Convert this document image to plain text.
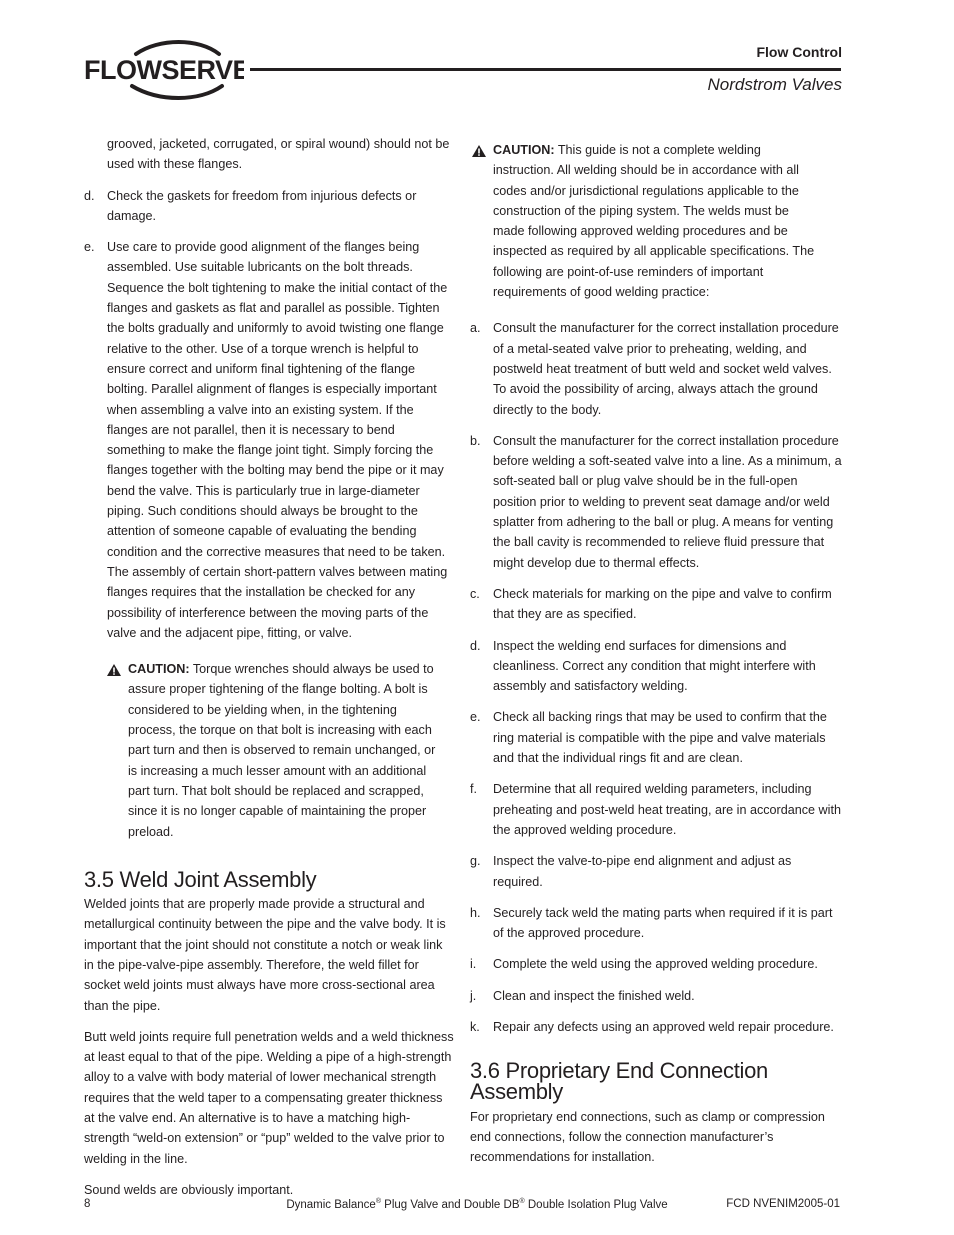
FLOWSERVE
Flow Control
Nordstrom Valves

grooved, jacketed, corrugated, or spiral wound) should not be used with these flanges.

d. Check the gaskets for freedom from injurious defects or damage.
e. Use care to provide good alignment of the flanges being assembled. Use suitable lubricants on the bolt threads. Sequence the bolt tightening to make the initial contact of the flanges and gaskets as flat and parallel as possible. Tighten the bolts gradually and uniformly to avoid twisting one flange relative to the other. Use of a torque wrench is helpful to ensure correct and uniform final tightening of the flange bolting. Parallel alignment of flanges is especially important when assembling a valve into an existing system. If the flanges are not parallel, then it is necessary to bend something to make the flange joint tight. Simply forcing the flanges together with the bolting may bend the pipe or it may bend the valve. This is particularly true in large-diameter piping. Such conditions should always be brought to the attention of someone capable of evaluating the bending condition and the corrective measures that need to be taken. The assembly of certain short-pattern valves between mating flanges requires that the installation be checked for any possibility of interference between the moving parts of the valve and the adjacent pipe, fitting, or valve.
CAUTION: Torque wrenches should always be used to assure proper tightening of the flange bolting. A bolt is considered to be yielding when, in the tightening process, the torque on that bolt is increasing with each part turn and then is observed to remain unchanged, or is increasing a much lesser amount with an additional part turn. That bolt should be replaced and scrapped, since it is no longer capable of maintaining the proper preload.
3.5 Weld Joint Assembly

Welded joints that are properly made provide a structural and metallurgical continuity between the pipe and the valve body. It is important that the joint should not constitute a notch or weak link in the pipe-valve-pipe assembly. Therefore, the weld fillet for socket weld joints must always have more cross-sectional area than the pipe.

Butt weld joints require full penetration welds and a weld thickness at least equal to that of the pipe. Welding a pipe of a high-strength alloy to a valve with body material of lower mechanical strength requires that the weld taper to a compensating greater thickness at the valve end. An alternative is to have a matching high-strength “weld-on extension” or “pup” welded to the valve prior to welding in the line.

Sound welds are obviously important.

CAUTION: This guide is not a complete welding instruction. All welding should be in accordance with all codes and/or jurisdictional regulations applicable to the construction of the piping system. The welds must be made following approved welding procedures and be inspected as required by all applicable specifications. The following are point-of-use reminders of important requirements of good welding practice:
a. Consult the manufacturer for the correct installation procedure of a metal-seated valve prior to preheating, welding, and postweld heat treatment of butt weld and socket weld valves. To avoid the possibility of arcing, always attach the ground directly to the body.
b. Consult the manufacturer for the correct installation procedure before welding a soft-seated valve into a line. As a minimum, a soft-seated ball or plug valve should be in the full-open position prior to welding to prevent seat damage and/or weld splatter from adhering to the ball or plug. A means for venting the ball cavity is recommended to relieve fluid pressure that might develop due to thermal effects.
c. Check materials for marking on the pipe and valve to confirm that they are as specified.
d. Inspect the welding end surfaces for dimensions and cleanliness. Correct any condition that might interfere with assembly and satisfactory welding.
e. Check all backing rings that may be used to confirm that the ring material is compatible with the pipe and valve materials and that the individual rings fit and are clean.
f. Determine that all required welding parameters, including preheating and post-weld heat treating, are in accordance with the approved welding procedure.
g. Inspect the valve-to-pipe end alignment and adjust as required.
h. Securely tack weld the mating parts when required if it is part of the approved procedure.
i. Complete the weld using the approved welding procedure.
j. Clean and inspect the finished weld.
k. Repair any defects using an approved weld repair procedure.
3.6 Proprietary End Connection Assembly

For proprietary end connections, such as clamp or compression end connections, follow the connection manufacturer’s recommendations for installation.

8	Dynamic Balance® Plug Valve and Double DB® Double Isolation Plug Valve	FCD NVENIM2005-01
